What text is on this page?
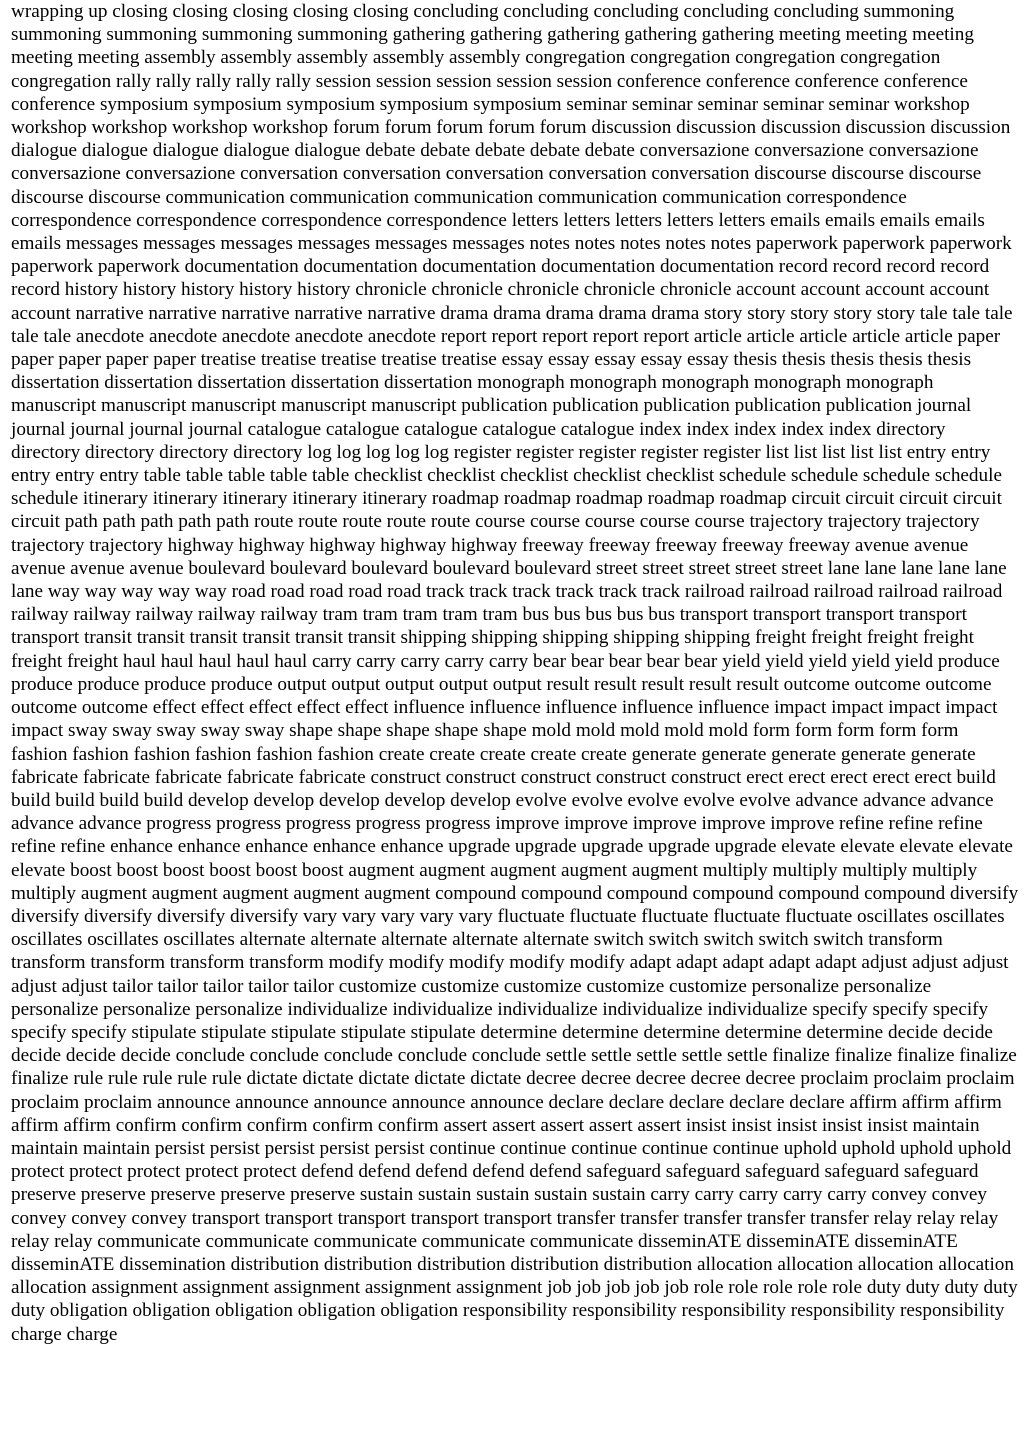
wrapping up closing closing closing closing closing concluding concluding concluding concluding concluding summoning summoning summoning summoning summoning gathering gathering gathering gathering gathering meeting meeting meeting meeting meeting assembly assembly assembly assembly assembly congregation congregation congregation congregation congregation rally rally rally rally rally session session session session session conference conference conference conference conference symposium symposium symposium symposium symposium seminar seminar seminar seminar seminar workshop workshop workshop workshop workshop forum forum forum forum forum discussion discussion discussion discussion discussion dialogue dialogue dialogue dialogue dialogue debate debate debate debate debate conversazione conversazione conversazione conversazione conversazione conversation conversation conversation conversation conversation discourse discourse discourse discourse discourse communication communication communication communication communication correspondence correspondence correspondence correspondence correspondence letters letters letters letters letters emails emails emails emails emails messages messages messages messages messages messages notes notes notes notes notes paperwork paperwork paperwork paperwork paperwork documentation documentation documentation documentation documentation record record record record record history history history history history chronicle chronicle chronicle chronicle chronicle account account account account account narrative narrative narrative narrative narrative drama drama drama drama drama story story story story story tale tale tale tale tale anecdote anecdote anecdote anecdote anecdote report report report report report article article article article article paper paper paper paper paper treatise treatise treatise treatise treatise essay essay essay essay essay thesis thesis thesis thesis thesis dissertation dissertation dissertation dissertation dissertation monograph monograph monograph monograph monograph manuscript manuscript manuscript manuscript manuscript publication publication publication publication publication journal journal journal journal journal catalogue catalogue catalogue catalogue catalogue index index index index index directory directory directory directory directory log log log log log register register register register register list list list list list entry entry entry entry entry table table table table table checklist checklist checklist checklist checklist schedule schedule schedule schedule schedule itinerary itinerary itinerary itinerary itinerary roadmap roadmap roadmap roadmap roadmap circuit circuit circuit circuit circuit path path path path path route route route route route course course course course course trajectory trajectory trajectory trajectory trajectory highway highway highway highway highway freeway freeway freeway freeway freeway avenue avenue avenue avenue avenue boulevard boulevard boulevard boulevard boulevard street street street street street lane lane lane lane lane lane way way way way way road road road road road track track track track track track railroad railroad railroad railroad railroad railway railway railway railway railway tram tram tram tram tram bus bus bus bus bus transport transport transport transport transport transit transit transit transit transit transit shipping shipping shipping shipping shipping freight freight freight freight freight freight haul haul haul haul haul carry carry carry carry carry bear bear bear bear bear yield yield yield yield yield produce produce produce produce produce output output output output output result result result result result outcome outcome outcome outcome outcome effect effect effect effect effect influence influence influence influence influence impact impact impact impact impact sway sway sway sway sway shape shape shape shape shape mold mold mold mold mold form form form form form fashion fashion fashion fashion fashion fashion create create create create create generate generate generate generate generate fabricate fabricate fabricate fabricate fabricate construct construct construct construct construct erect erect erect erect erect build build build build build develop develop develop develop develop evolve evolve evolve evolve evolve advance advance advance advance advance progress progress progress progress progress improve improve improve improve improve refine refine refine refine refine enhance enhance enhance enhance enhance upgrade upgrade upgrade upgrade upgrade elevate elevate elevate elevate elevate boost boost boost boost boost boost augment augment augment augment augment multiply multiply multiply multiply multiply augment augment augment augment augment compound compound compound compound compound compound diversify diversify diversify diversify diversify vary vary vary vary vary fluctuate fluctuate fluctuate fluctuate fluctuate oscillates oscillates oscillates oscillates oscillates alternate alternate alternate alternate alternate switch switch switch switch switch transform transform transform transform transform modify modify modify modify modify adapt adapt adapt adapt adapt adjust adjust adjust adjust adjust tailor tailor tailor tailor tailor customize customize customize customize customize personalize personalize personalize personalize personalize individualize individualize individualize individualize individualize specify specify specify specify specify stipulate stipulate stipulate stipulate stipulate determine determine determine determine determine decide decide decide decide decide conclude conclude conclude conclude conclude settle settle settle settle settle finalize finalize finalize finalize finalize rule rule rule rule rule dictate dictate dictate dictate dictate decree decree decree decree decree proclaim proclaim proclaim proclaim proclaim announce announce announce announce announce declare declare declare declare declare affirm affirm affirm affirm affirm confirm confirm confirm confirm confirm assert assert assert assert assert insist insist insist insist insist maintain maintain maintain persist persist persist persist persist continue continue continue continue continue uphold uphold uphold uphold protect protect protect protect protect defend defend defend defend defend safeguard safeguard safeguard safeguard safeguard preserve preserve preserve preserve preserve sustain sustain sustain sustain sustain carry carry carry carry carry convey convey convey convey convey transport transport transport transport transport transfer transfer transfer transfer transfer relay relay relay relay relay communicate communicate communicate communicate communicate disseminATE disseminATE disseminATE disseminATE dissemination distribution distribution distribution distribution distribution allocation allocation allocation allocation allocation assignment assignment assignment assignment assignment job job job job job role role role role role duty duty duty duty duty obligation obligation obligation obligation obligation responsibility responsibility responsibility responsibility responsibility charge charge
